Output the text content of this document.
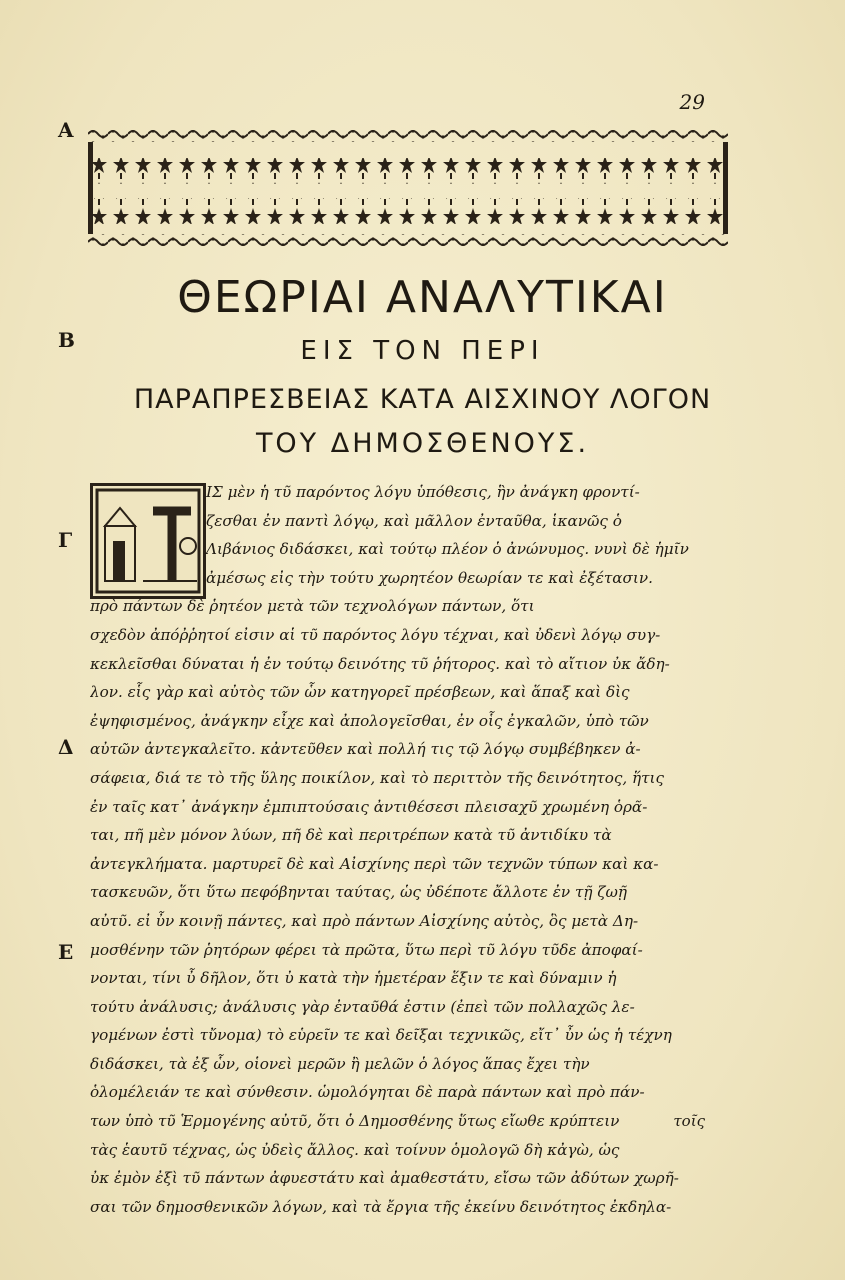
29
A
B
Γ
Δ
E
ΘΕΩΡΙΑΙ ΑΝΑΛΥΤΙΚΑΙ
ΕΙΣ ΤΟΝ ΠΕΡΙ
ΠΑΡΑΠΡΕΣΒΕΙΑΣ ΚΑΤΑ ΑΙΣΧΙΝΟΥ ΛΟΓΟΝ
ΤΟΥ ΔΗΜΟΣΘΕΝΟΥΣ.
ΙΣ μὲν ἡ τῦ παρόντος λόγυ ὑπόθεσις, ἣν ἀνάγκη φροντί-
ζεσθαι ἐν παντὶ λόγῳ, καὶ μᾶλλον ἐνταῦθα, ἱκανῶς ὁ
Λιβάνιος διδάσκει, καὶ τούτῳ πλέον ὁ ἀνώνυμος. νυνὶ δὲ ἡμῖν
ἀμέσως εἰς τὴν τούτυ χωρητέον θεωρίαν τε καὶ ἐξέτασιν.
πρὸ πάντων δὲ ῥητέον μετὰ τῶν τεχνολόγων πάντων, ὅτι
σχεδὸν ἀπόῤῥητοί εἰσιν αἱ τῦ παρόντος λόγυ τέχναι, καὶ ὐδενὶ λόγῳ συγ-
κεκλεῖσθαι δύναται ἡ ἐν τούτῳ δεινότης τῦ ῥήτορος. καὶ τὸ αἴτιον ὐκ ἄδη-
λον. εἷς γὰρ καὶ αὐτὸς τῶν ὧν κατηγορεῖ πρέσβεων, καὶ ἅπαξ καὶ δὶς
ἐψηφισμένος, ἀνάγκην εἶχε καὶ ἀπολογεῖσθαι, ἐν οἷς ἐγκαλῶν, ὑπὸ τῶν
αὐτῶν ἀντεγκαλεῖτο. κἀντεῦθεν καὶ πολλή τις τῷ λόγῳ συμβέβηκεν ἀ-
σάφεια, διά τε τὸ τῆς ὕλης ποικίλον, καὶ τὸ περιττὸν τῆς δεινότητος, ἥτις
ἐν ταῖς κατ᾽ ἀνάγκην ἐμπιπτούσαις ἀντιθέσεσι πλεισαχῦ χρωμένη ὁρᾶ-
ται, πῆ μὲν μόνον λύων, πῆ δὲ καὶ περιτρέπων κατὰ τῦ ἀντιδίκυ τὰ
ἀντεγκλήματα. μαρτυρεῖ δὲ καὶ Αἰσχίνης περὶ τῶν τεχνῶν τύπων καὶ κα-
τασκευῶν, ὅτι ὕτω πεφόβηνται ταύτας, ὡς ὐδέποτε ἄλλοτε ἐν τῇ ζωῇ
αὐτῦ. εἰ ὖν κοινῇ πάντες, καὶ πρὸ πάντων Αἰσχίνης αὐτὸς, ὃς μετὰ Δη-
μοσθένην τῶν ῥητόρων φέρει τὰ πρῶτα, ὕτω περὶ τῦ λόγυ τῦδε ἀποφαί-
νονται, τίνι ὖ δῆλον, ὅτι ὐ κατὰ τὴν ἡμετέραν ἕξιν τε καὶ δύναμιν ἡ
τούτυ ἀνάλυσις; ἀνάλυσις γὰρ ἐνταῦθά ἐστιν (ἐπεὶ τῶν πολλαχῶς λε-
γομένων ἐστὶ τὔνομα) τὸ εὑρεῖν τε καὶ δεῖξαι τεχνικῶς, εἴτ᾽ ὖν ὡς ἡ τέχνη
διδάσκει, τὰ ἐξ ὧν, οἱονεὶ μερῶν ἢ μελῶν ὁ λόγος ἅπας ἔχει τὴν
ὁλομέλειάν τε καὶ σύνθεσιν. ὡμολόγηται δὲ παρὰ πάντων καὶ πρὸ πάν-
των ὑπὸ τῦ Ἑρμογένης αὐτῦ, ὅτι ὁ Δημοσθένης ὕτως εἴωθε κρύπτειν
τὰς ἑαυτῦ τέχνας, ὡς ὐδεὶς ἄλλος. καὶ τοίνυν ὁμολογῶ δὴ κἀγὼ, ὡς
ὐκ ἐμὸν ἐξὶ τῦ πάντων ἀφυεστάτυ καὶ ἀμαθεστάτυ, εἴσω τῶν ἀδύτων χωρῆ-
σαι τῶν δημοσθενικῶν λόγων, καὶ τὰ ἔργια τῆς ἐκείνυ δεινότητος ἐκδηλα-
τοῖς
